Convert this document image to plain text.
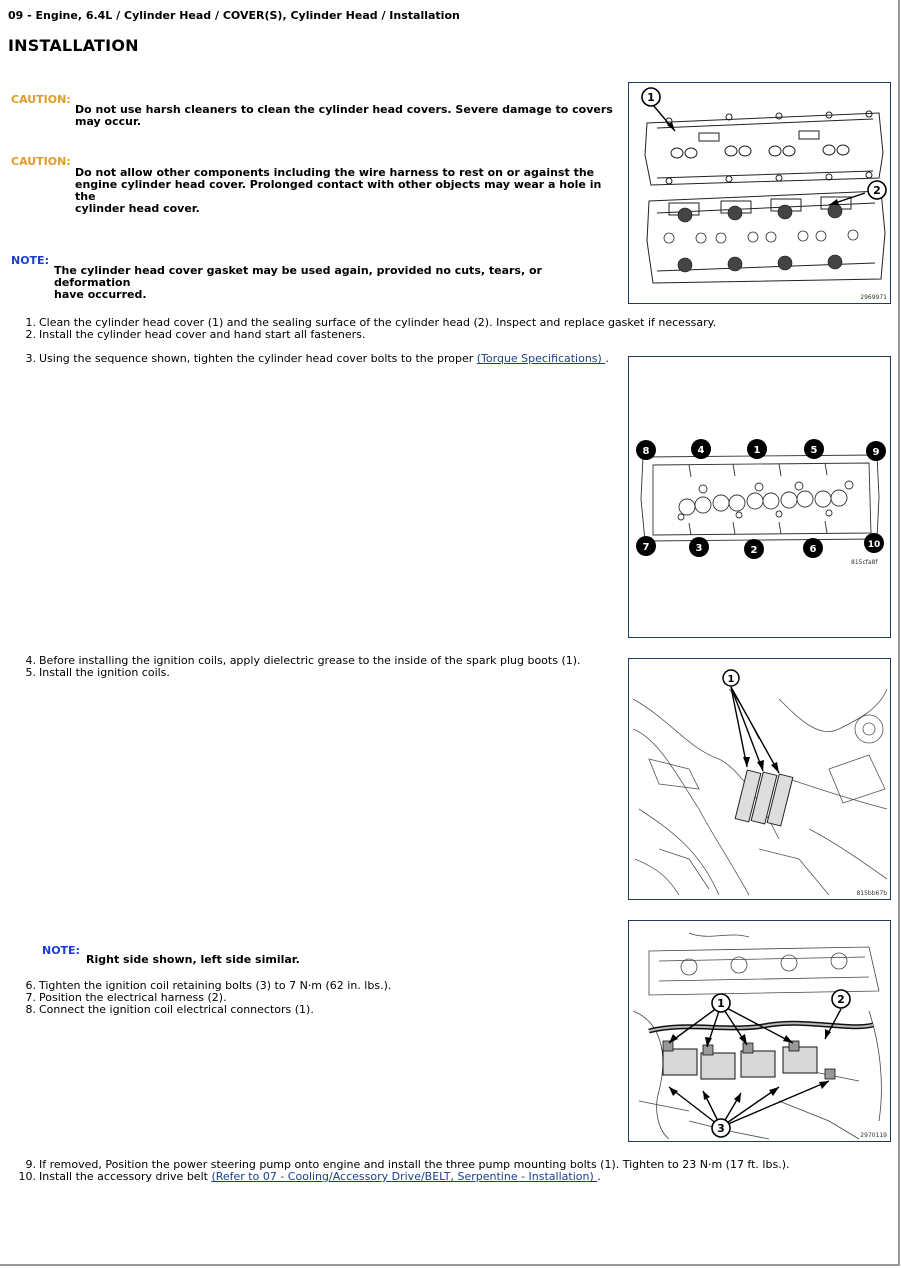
09 - Engine, 6.4L / Cylinder Head / COVER(S), Cylinder Head / Installation
INSTALLATION
CAUTION:
Do not use harsh cleaners to clean the cylinder head covers. Severe damage to covers
may occur.
CAUTION:
Do not allow other components including the wire harness to rest on or against the
engine cylinder head cover. Prolonged contact with other objects may wear a hole in the
cylinder head cover.
NOTE:
The cylinder head cover gasket may be used again, provided no cuts, tears, or deformation
have occurred.
1. Clean the cylinder head cover (1) and the sealing surface of the cylinder head (2). Inspect and replace gasket if necessary.
2. Install the cylinder head cover and hand start all fasteners.
3. Using the sequence shown, tighten the cylinder head cover bolts to the proper (Torque Specifications) .
4. Before installing the ignition coils, apply dielectric grease to the inside of the spark plug boots (1).
5. Install the ignition coils.
NOTE:
Right side shown, left side similar.
6. Tighten the ignition coil retaining bolts (3) to 7 N·m (62 in. lbs.).
7. Position the electrical harness (2).
8. Connect the ignition coil electrical connectors (1).
9. If removed, Position the power steering pump onto engine and install the three pump mounting bolts (1). Tighten to 23 N·m (17 ft. lbs.).
10. Install the accessory drive belt (Refer to 07 - Cooling/Accessory Drive/BELT, Serpentine - Installation) .
1
2
2969971
8	4	1	5	9
7	3	2	6	10
815cfa8f
1
815bb67b
1	2
3
2970119
